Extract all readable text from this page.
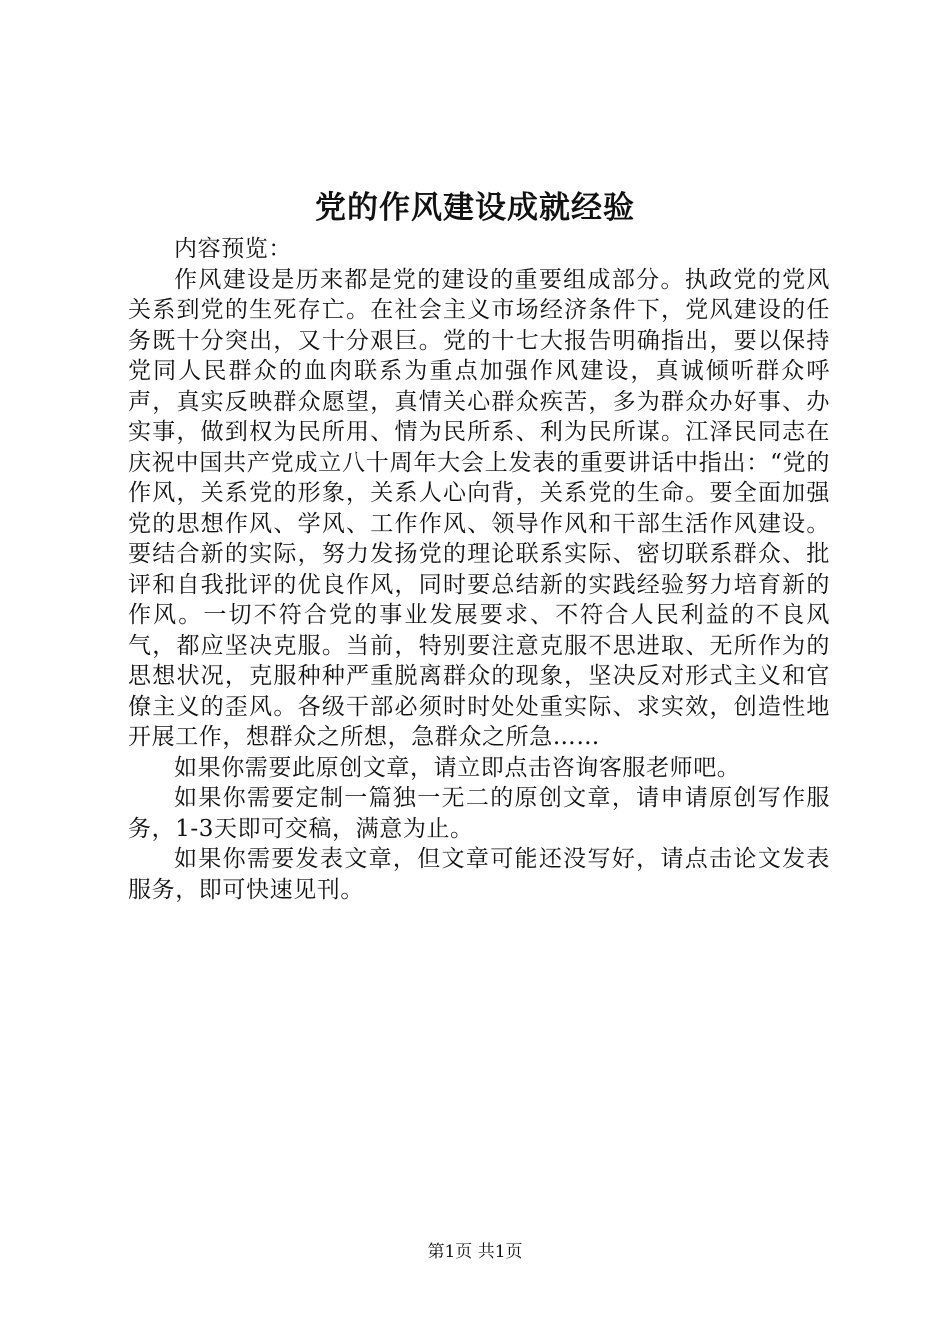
党的作风建设成就经验

内容预览：

作风建设是历来都是党的建设的重要组成部分。执政党的党风关系到党的生死存亡。在社会主义市场经济条件下，党风建设的任务既十分突出，又十分艰巨。党的十七大报告明确指出，要以保持党同人民群众的血肉联系为重点加强作风建设，真诚倾听群众呼声，真实反映群众愿望，真情关心群众疾苦，多为群众办好事、办实事，做到权为民所用、情为民所系、利为民所谋。江泽民同志在庆祝中国共产党成立八十周年大会上发表的重要讲话中指出：“党的作风，关系党的形象，关系人心向背，关系党的生命。要全面加强党的思想作风、学风、工作作风、领导作风和干部生活作风建设。要结合新的实际，努力发扬党的理论联系实际、密切联系群众、批评和自我批评的优良作风，同时要总结新的实践经验努力培育新的作风。一切不符合党的事业发展要求、不符合人民利益的不良风气，都应坚决克服。当前，特别要注意克服不思进取、无所作为的思想状况，克服种种严重脱离群众的现象，坚决反对形式主义和官僚主义的歪风。各级干部必须时时处处重实际、求实效，创造性地开展工作，想群众之所想，急群众之所急……

如果你需要此原创文章，请立即点击咨询客服老师吧。

如果你需要定制一篇独一无二的原创文章，请申请原创写作服务，1-3天即可交稿，满意为止。

如果你需要发表文章，但文章可能还没写好，请点击论文发表服务，即可快速见刊。

第1页 共1页
